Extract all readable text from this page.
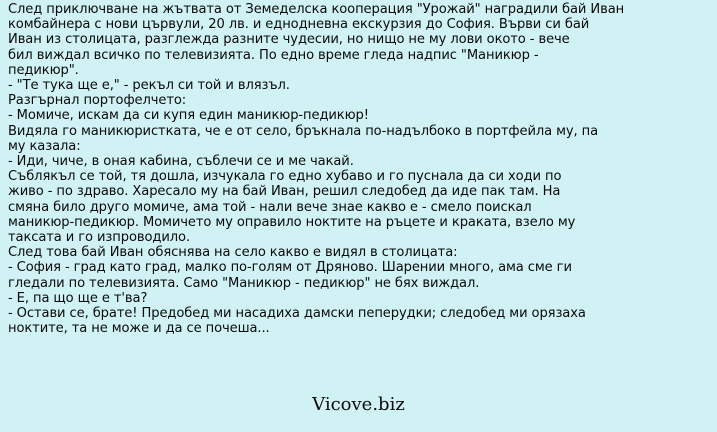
След приключване на жътвата от Земеделска кооперация "Урожай" наградили бай Иван
комбайнера с нови цървули, 20 лв. и еднодневна екскурзия до София. Върви си бай
Иван из столицата, разглежда разните чудесии, но нищо не му лови окото - вече
бил виждал всичко по телевизията. По едно време гледа надпис "Маникюр -
педикюр".
- "Те тука ще е," - рекъл си той и влязъл.
Разгърнал портофелчето:
- Момиче, искам да си купя един маникюр-педикюр!
Видяла го маникюристката, че е от село, бръкнала по-надълбоко в портфейла му, па
му казала:
- Иди, чиче, в оная кабина, съблечи се и ме чакай.
Съблякъл се той, тя дошла, изчукала го едно хубаво и го пуснала да си ходи по
живо - по здраво. Харесало му на бай Иван, решил следобед да иде пак там. На
смяна било друго момиче, ама той - нали вече знае какво е - смело поискал
маникюр-педикюр. Момичето му оправило ноктите на ръцете и краката, взело му
таксата и го изпроводило.
След това бай Иван обяснява на село какво е видял в столицата:
- София - град като град, малко по-голям от Дряново. Шарении много, ама сме ги
гледали по телевизията. Само "Маникюр - педикюр" не бях виждал.
- Е, па що ще е т'ва?
- Остави се, брате! Предобед ми насадиха дамски пеперудки; следобед ми орязаха
ноктите, та не може и да се почеша...
Vicove.biz
